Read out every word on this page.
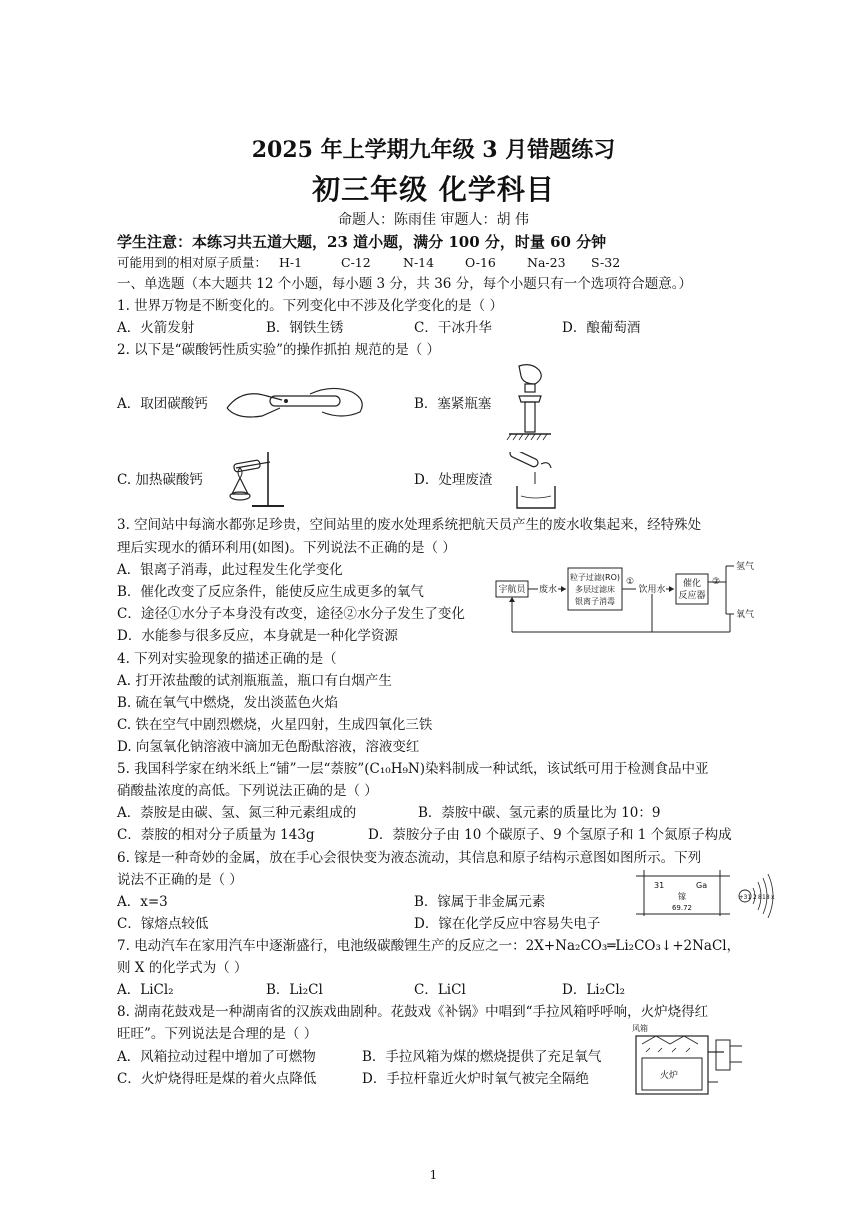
2025 年上学期九年级 3 月错题练习
初三年级 化学科目
命题人：陈雨佳 审题人：胡 伟
学生注意：本练习共五道大题，23 道小题，满分 100 分，时量 60 分钟
可能用到的相对原子质量： H-1	C-12	N-14 O-16 Na-23 S-32
一、单选题（本大题共 12 个小题，每小题 3 分，共 36 分，每个小题只有一个选项符合题意。）
1. 世界万物是不断变化的。下列变化中不涉及化学变化的是（ ）
A．火箭发射	B．钢铁生锈	C．干冰升华	D．酿葡萄酒
2. 以下是“碳酸钙性质实验”的操作抓拍 规范的是（ ）
A．取团碳酸钙	B．塞紧瓶塞
C. 加热碳酸钙	D．处理废渣
3. 空间站中每滴水都弥足珍贵，空间站里的废水处理系统把航天员产生的废水收集起来，经特殊处
理后实现水的循环利用(如图)。下列说法不正确的是（ ）
A．银离子消毒，此过程发生化学变化
B．催化改变了反应条件，能使反应生成更多的氧气
C．途径①水分子本身没有改变，途径②水分子发生了变化
D．水能参与很多反应，本身就是一种化学资源
宇航员 废水
粒子过滤(RO)
多层过滤床
银离子消毒
①
饮用水
催化
反应器
②
氢气
氧气
4. 下列对实验现象的描述正确的是（
A. 打开浓盐酸的试剂瓶瓶盖，瓶口有白烟产生
B. 硫在氧气中燃烧，发出淡蓝色火焰
C. 铁在空气中剧烈燃烧，火星四射，生成四氧化三铁
D. 向氢氧化钠溶液中滴加无色酚酞溶液，溶液变红
5. 我国科学家在纳米纸上“铺”一层“萘胺”(C₁₀H₉N)染料制成一种试纸，该试纸可用于检测食品中亚
硝酸盐浓度的高低。下列说法正确的是（ ）
A．萘胺是由碳、氢、氮三种元素组成的	B．萘胺中碳、氢元素的质量比为 10：9
C．萘胺的相对分子质量为 143g	D．萘胺分子由 10 个碳原子、9 个氢原子和 1 个氮原子构成
6. 镓是一种奇妙的金属，放在手心会很快变为液态流动，其信息和原子结构示意图如图所示。下列
说法不正确的是（ ）
A．x=3	B．镓属于非金属元素
C．镓熔点较低	D．镓在化学反应中容易失电子
31	Ga
镓
69.72
+31 2 8 18 x
7. 电动汽车在家用汽车中逐渐盛行，电池级碳酸锂生产的反应之一：2X+Na₂CO₃═Li₂CO₃↓+2NaCl，
则 X 的化学式为（ ）
A．LiCl₂	B．Li₂Cl	C．LiCl	D．Li₂Cl₂
8. 湖南花鼓戏是一种湖南省的汉族戏曲剧种。花鼓戏《补锅》中唱到“手拉风箱呼呼响，火炉烧得红
旺旺”。下列说法是合理的是（ ）
A．风箱拉动过程中增加了可燃物	B．手拉风箱为煤的燃烧提供了充足氧气
C．火炉烧得旺是煤的着火点降低	D．手拉杆靠近火炉时氧气被完全隔绝
风箱
火炉
1
